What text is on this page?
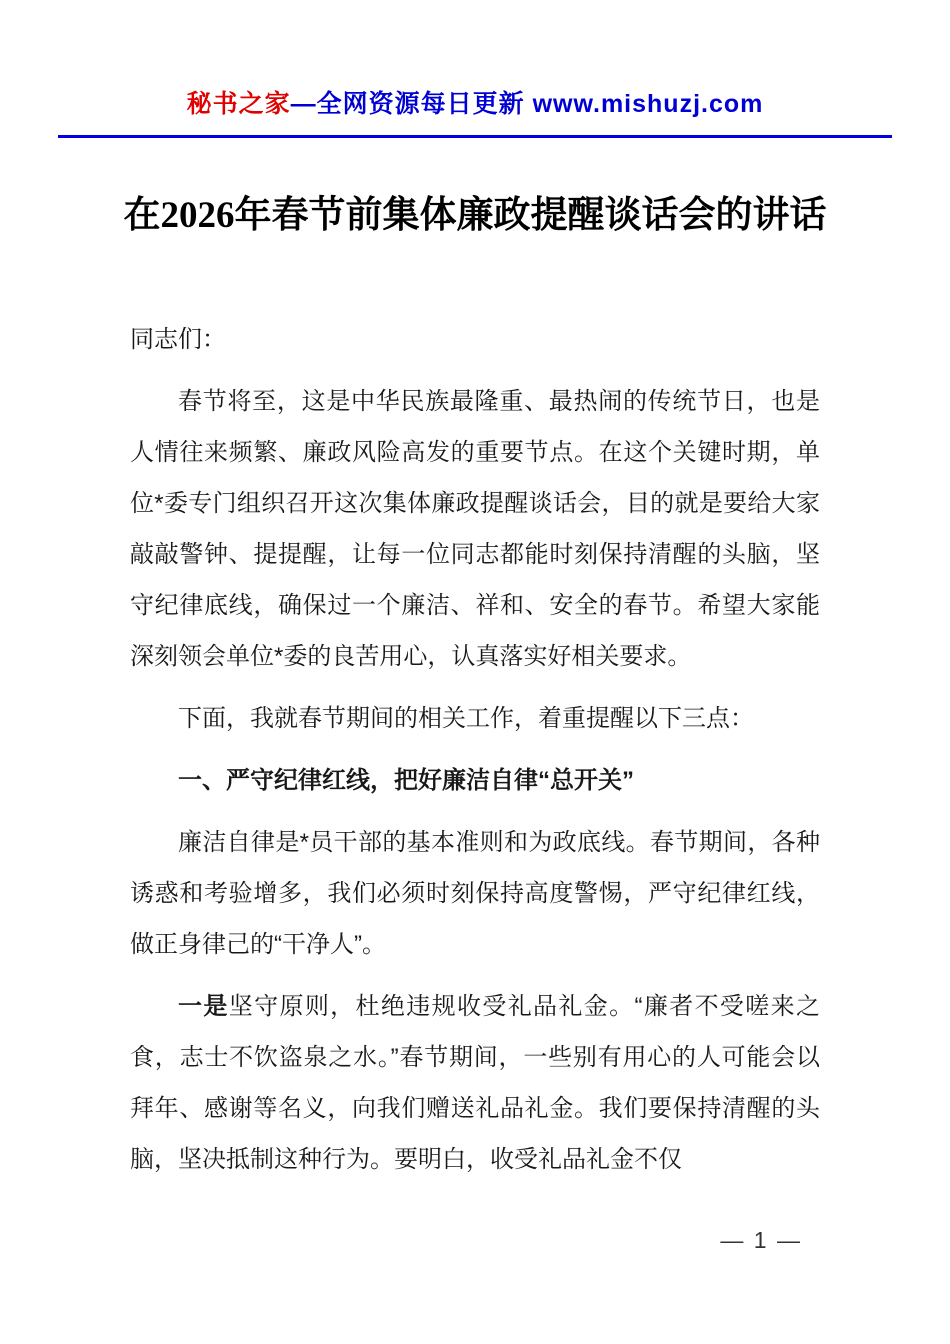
秘书之家—全网资源每日更新 www.mishuzj.com
在2026年春节前集体廉政提醒谈话会的讲话

同志们：

春节将至，这是中华民族最隆重、最热闹的传统节日，也是人情往来频繁、廉政风险高发的重要节点。在这个关键时期，单位*委专门组织召开这次集体廉政提醒谈话会，目的就是要给大家敲敲警钟、提提醒，让每一位同志都能时刻保持清醒的头脑，坚守纪律底线，确保过一个廉洁、祥和、安全的春节。希望大家能深刻领会单位*委的良苦用心，认真落实好相关要求。

下面，我就春节期间的相关工作，着重提醒以下三点：

一、严守纪律红线，把好廉洁自律“总开关”

廉洁自律是*员干部的基本准则和为政底线。春节期间，各种诱惑和考验增多，我们必须时刻保持高度警惕，严守纪律红线，做正身律己的“干净人”。

一是坚守原则，杜绝违规收受礼品礼金。“廉者不受嗟来之食，志士不饮盗泉之水。”春节期间，一些别有用心的人可能会以拜年、感谢等名义，向我们赠送礼品礼金。我们要保持清醒的头脑，坚决抵制这种行为。要明白，收受礼品礼金不仅

— 1 —
